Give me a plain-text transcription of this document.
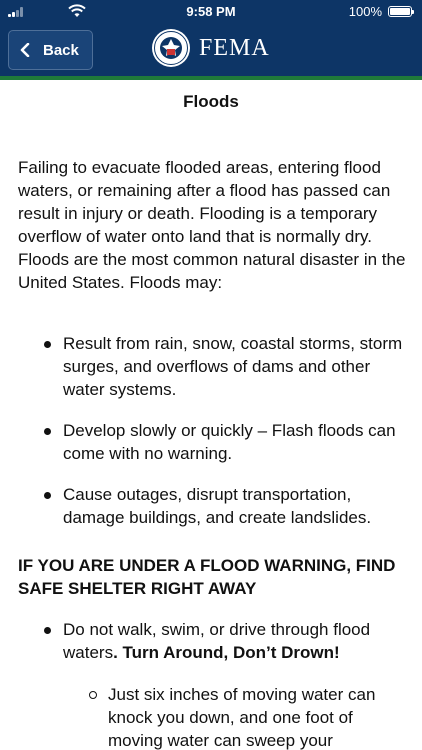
9:58 PM	100%
Back	FEMA
Floods

Failing to evacuate flooded areas, entering flood waters, or remaining after a flood has passed can result in injury or death. Flooding is a temporary overflow of water onto land that is normally dry. Floods are the most common natural disaster in the United States. Floods may:

Result from rain, snow, coastal storms, storm surges, and overflows of dams and other water systems.
Develop slowly or quickly – Flash floods can come with no warning.
Cause outages, disrupt transportation, damage buildings, and create landslides.
IF YOU ARE UNDER A FLOOD WARNING, FIND SAFE SHELTER RIGHT AWAY
Do not walk, swim, or drive through flood waters. Turn Around, Don’t Drown!
Just six inches of moving water can knock you down, and one foot of moving water can sweep your
